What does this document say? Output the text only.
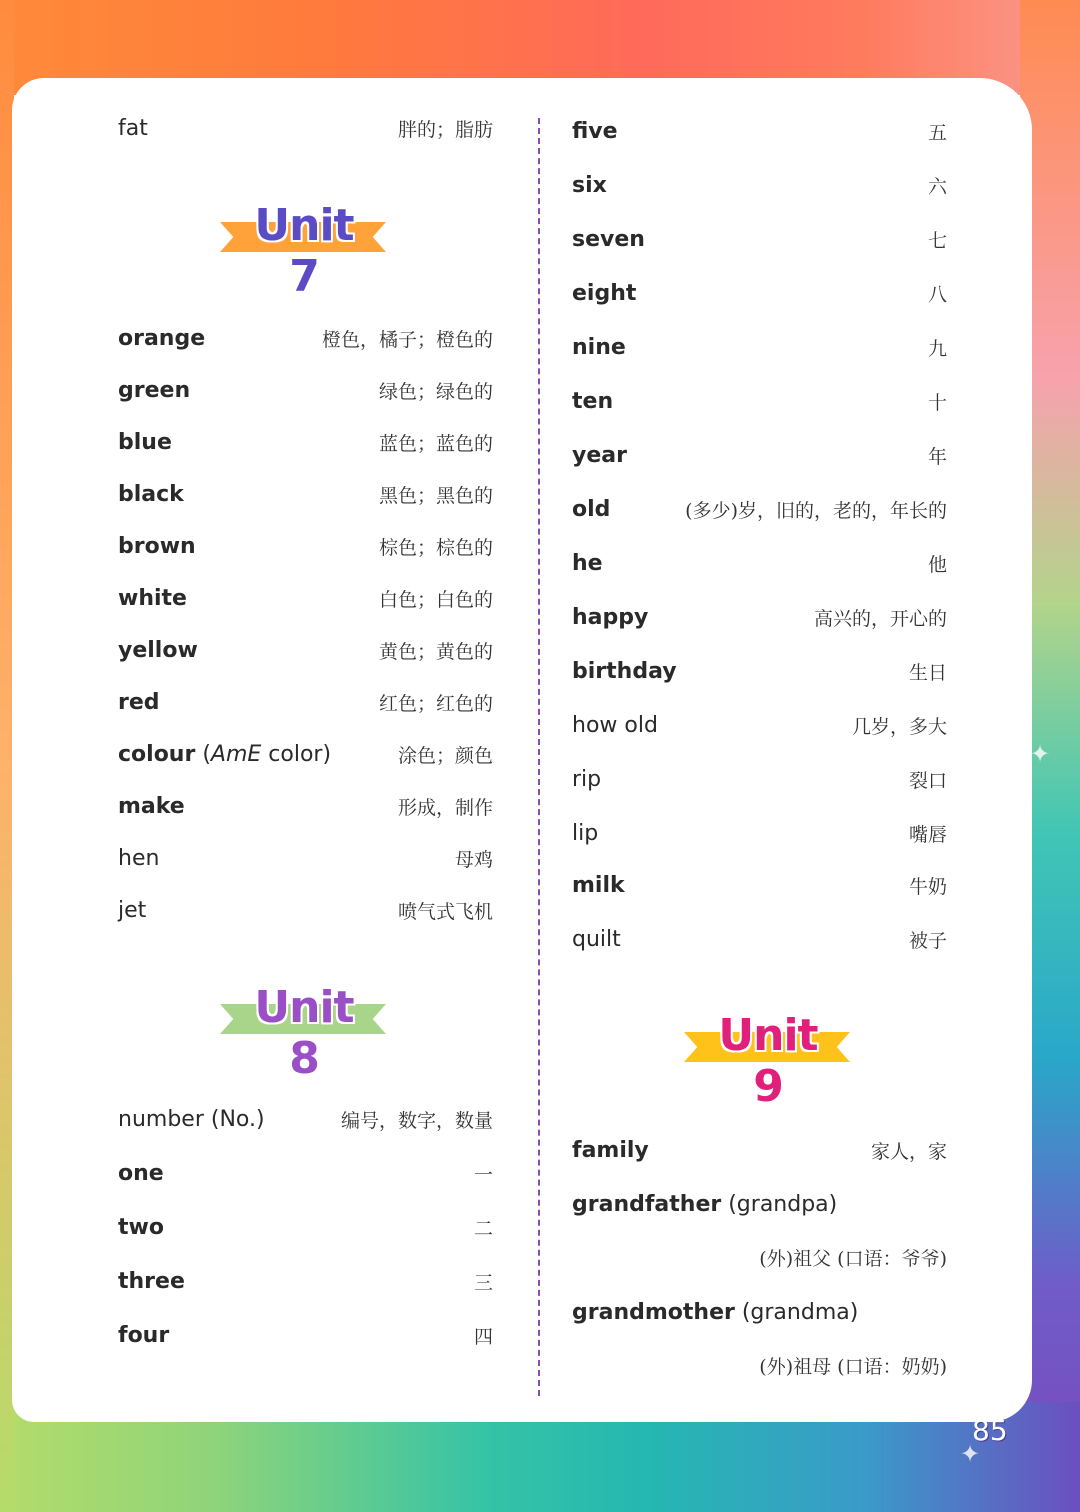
✦
✦
fat	胖的；脂肪
Unit 7
orange	橙色，橘子；橙色的
green	绿色；绿色的
blue	蓝色；蓝色的
black	黑色；黑色的
brown	棕色；棕色的
white	白色；白色的
yellow	黄色；黄色的
red	红色；红色的
colour (AmE color)	涂色；颜色
make	形成，制作
hen	母鸡
jet	喷气式飞机
Unit 8
number (No.)	编号，数字，数量
one	一
two	二
three	三
four	四
five	五
six	六
seven	七
eight	八
nine	九
ten	十
year	年
old	(多少)岁，旧的，老的，年长的
he	他
happy	高兴的，开心的
birthday	生日
how old	几岁，多大
rip	裂口
lip	嘴唇
milk	牛奶
quilt	被子
Unit 9
family	家人，家
grandfather (grandpa)
(外)祖父 (口语：爷爷)
grandmother (grandma)
(外)祖母 (口语：奶奶)
85
